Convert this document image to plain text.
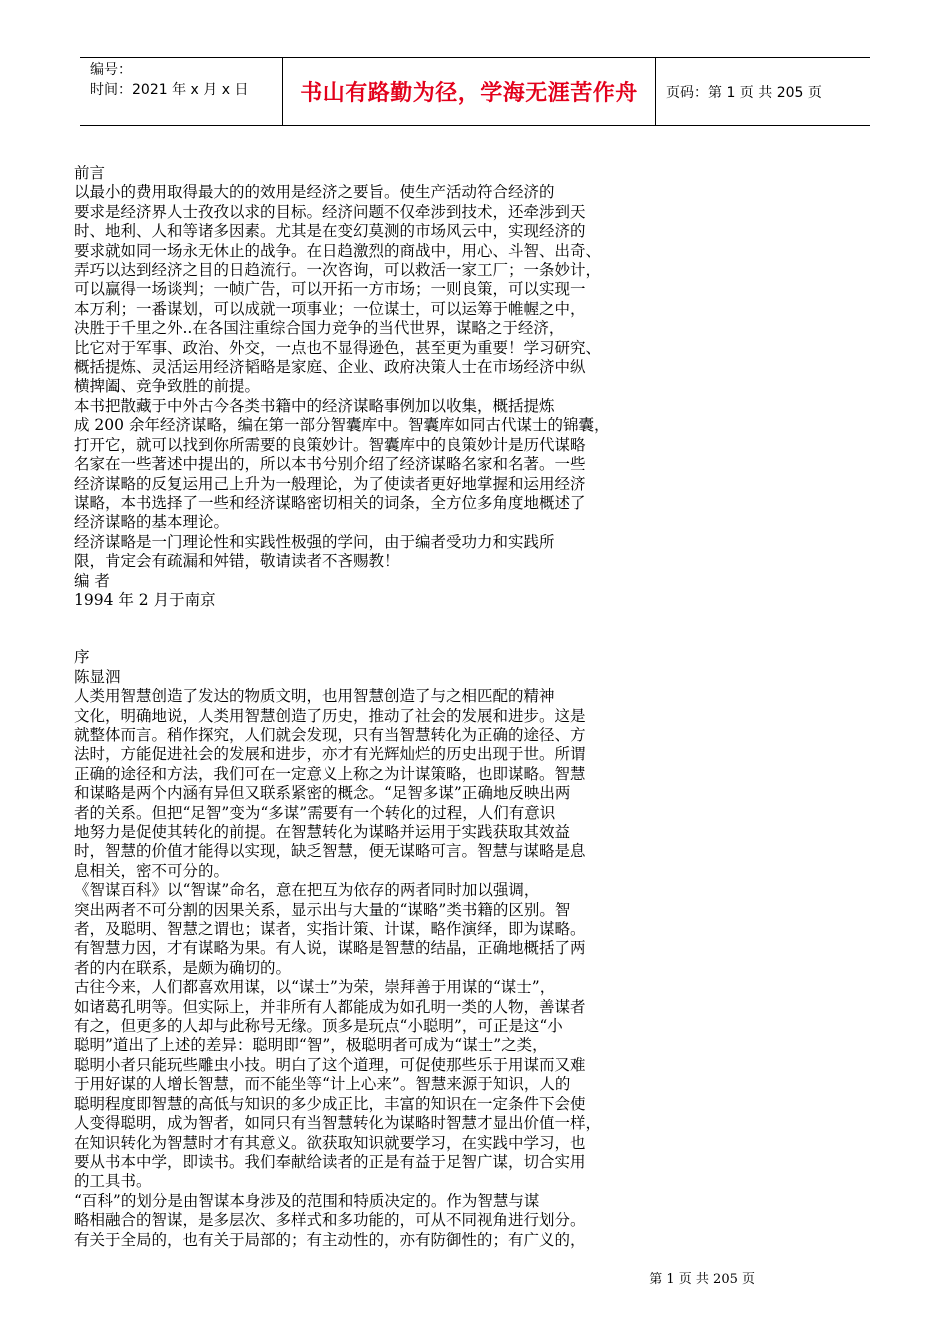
编号：
时间：2021 年 x 月 x 日	书山有路勤为径，学海无涯苦作舟	页码：第 1 页 共 205 页

前言

以最小的费用取得最大的的效用是经济之要旨。使生产活动符合经济的

要求是经济界人士孜孜以求的目标。经济问题不仅牵涉到技术，还牵涉到天

时、地利、人和等诸多因素。尤其是在变幻莫测的市场风云中，实现经济的

要求就如同一场永无休止的战争。在日趋激烈的商战中，用心、斗智、出奇、

弄巧以达到经济之目的日趋流行。一次咨询，可以救活一家工厂；一条妙计，

可以赢得一场谈判；一帧广告，可以开拓一方市场；一则良策，可以实现一

本万利；一番谋划，可以成就一项事业；一位谋士，可以运筹于帷幄之中，

决胜于千里之外..在各国注重综合国力竞争的当代世界，谋略之于经济，

比它对于军事、政治、外交，一点也不显得逊色，甚至更为重要！学习研究、

概括提炼、灵活运用经济韬略是家庭、企业、政府决策人士在市场经济中纵

横捭阖、竞争致胜的前提。

本书把散藏于中外古今各类书籍中的经济谋略事例加以收集，概括提炼

成 200 余年经济谋略，编在第一部分智囊库中。智囊库如同古代谋士的锦囊，

打开它，就可以找到你所需要的良策妙计。智囊库中的良策妙计是历代谋略

名家在一些著述中提出的，所以本书兮别介绍了经济谋略名家和名著。一些

经济谋略的反复运用己上升为一般理论，为了使读者更好地掌握和运用经济

谋略，本书选择了一些和经济谋略密切相关的词条，全方位多角度地概述了

经济谋略的基本理论。

经济谋略是一门理论性和实践性极强的学问，由于编者受功力和实践所

限，肯定会有疏漏和舛错，敬请读者不吝赐教！

编 者

1994 年 2 月于南京

序

陈显泗

人类用智慧创造了发达的物质文明，也用智慧创造了与之相匹配的精神

文化，明确地说，人类用智慧创造了历史，推动了社会的发展和进步。这是

就整体而言。稍作探究，人们就会发现，只有当智慧转化为正确的途径、方

法时，方能促进社会的发展和进步，亦才有光辉灿烂的历史出现于世。所谓

正确的途径和方法，我们可在一定意义上称之为计谋策略，也即谋略。智慧

和谋略是两个内涵有异但又联系紧密的概念。“足智多谋”正确地反映出两

者的关系。但把“足智”变为“多谋”需要有一个转化的过程，人们有意识

地努力是促使其转化的前提。在智慧转化为谋略并运用于实践获取其效益

时，智慧的价值才能得以实现，缺乏智慧，便无谋略可言。智慧与谋略是息

息相关，密不可分的。

《智谋百科》以“智谋”命名，意在把互为依存的两者同时加以强调，

突出两者不可分割的因果关系，显示出与大量的“谋略”类书籍的区别。智

者，及聪明、智慧之谓也；谋者，实指计策、计谋，略作演绎，即为谋略。

有智慧力因，才有谋略为果。有人说，谋略是智慧的结晶，正确地概括了两

者的内在联系，是颇为确切的。

古往今来，人们都喜欢用谋，以“谋士”为荣，崇拜善于用谋的“谋士”，

如诸葛孔明等。但实际上，并非所有人都能成为如孔明一类的人物，善谋者

有之，但更多的人却与此称号无缘。顶多是玩点“小聪明”，可正是这“小

聪明”道出了上述的差异：聪明即“智”，极聪明者可成为“谋士”之类，

聪明小者只能玩些雕虫小技。明白了这个道理，可促使那些乐于用谋而又难

于用好谋的人增长智慧，而不能坐等“计上心来”。智慧来源于知识，人的

聪明程度即智慧的高低与知识的多少成正比，丰富的知识在一定条件下会使

人变得聪明，成为智者，如同只有当智慧转化为谋略时智慧才显出价值一样，

在知识转化为智慧时才有其意义。欲获取知识就要学习，在实践中学习，也

要从书本中学，即读书。我们奉献给读者的正是有益于足智广谋，切合实用

的工具书。

“百科”的划分是由智谋本身涉及的范围和特质决定的。作为智慧与谋

略相融合的智谋，是多层次、多样式和多功能的，可从不同视角进行划分。

有关于全局的，也有关于局部的；有主动性的，亦有防御性的；有广义的，

第 1 页 共 205 页
